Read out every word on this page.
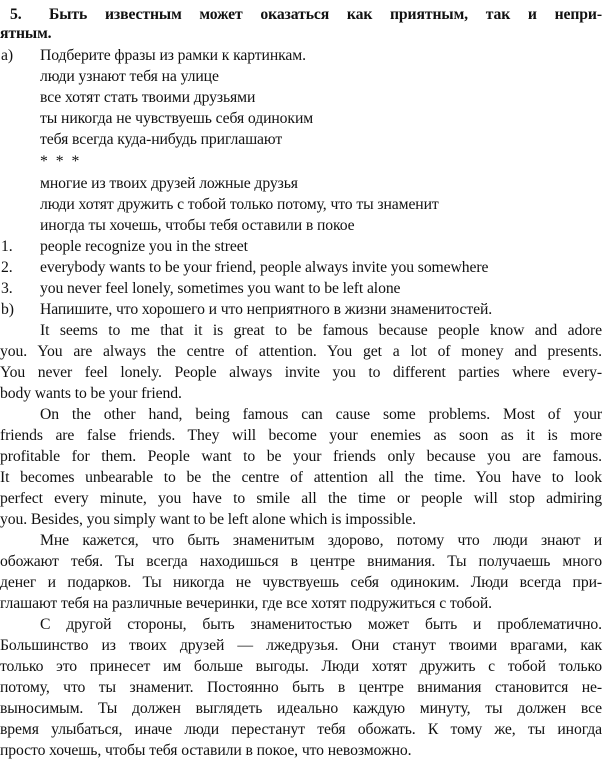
5. Быть известным может оказаться как приятным, так и непри-
ятным.
a) Подберите фразы из рамки к картинкам.
люди узнают тебя на улице
все хотят стать твоими друзьями
ты никогда не чувствуешь себя одиноким
тебя всегда куда-нибудь приглашают
* * *
многие из твоих друзей ложные друзья
люди хотят дружить с тобой только потому, что ты знаменит
иногда ты хочешь, чтобы тебя оставили в покое
1. people recognize you in the street
2. everybody wants to be your friend, people always invite you somewhere
3. you never feel lonely, sometimes you want to be left alone
b) Напишите, что хорошего и что неприятного в жизни знаменитостей.
It seems to me that it is great to be famous because people know and adore
you. You are always the centre of attention. You get a lot of money and presents.
You never feel lonely. People always invite you to different parties where every-
body wants to be your friend.
On the other hand, being famous can cause some problems. Most of your
friends are false friends. They will become your enemies as soon as it is more
profitable for them. People want to be your friends only because you are famous.
It becomes unbearable to be the centre of attention all the time. You have to look
perfect every minute, you have to smile all the time or people will stop admiring
you. Besides, you simply want to be left alone which is impossible.
Мне кажется, что быть знаменитым здорово, потому что люди знают и
обожают тебя. Ты всегда находишься в центре внимания. Ты получаешь много
денег и подарков. Ты никогда не чувствуешь себя одиноким. Люди всегда при-
глашают тебя на различные вечеринки, где все хотят подружиться с тобой.
С другой стороны, быть знаменитостью может быть и проблематично.
Большинство из твоих друзей — лжедрузья. Они станут твоими врагами, как
только это принесет им больше выгоды. Люди хотят дружить с тобой только
потому, что ты знаменит. Постоянно быть в центре внимания становится не-
выносимым. Ты должен выглядеть идеально каждую минуту, ты должен все
время улыбаться, иначе люди перестанут тебя обожать. К тому же, ты иногда
просто хочешь, чтобы тебя оставили в покое, что невозможно.
